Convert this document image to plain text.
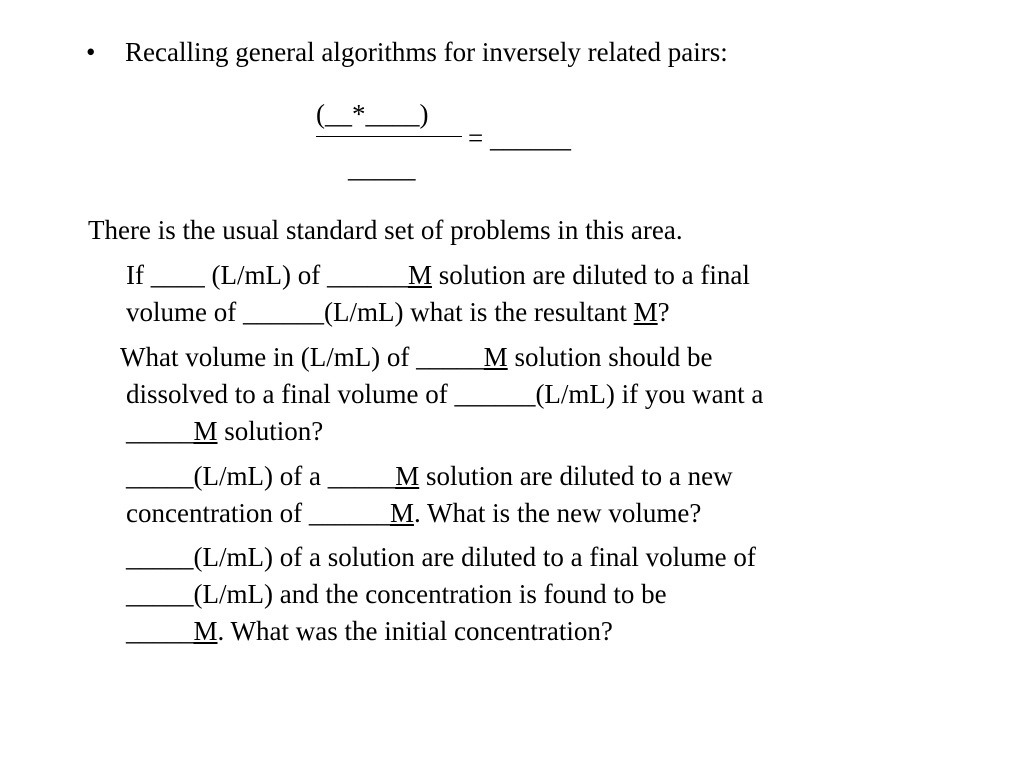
• Recalling general algorithms for inversely related pairs:

(__*____)
= ______
_____

There is the usual standard set of problems in this area.

If ____ (L/mL) of ______M solution are diluted to a final

volume of ______(L/mL) what is the resultant M?

What volume in (L/mL) of _____M solution should be

dissolved to a final volume of ______(L/mL) if you want a

_____M solution?

_____(L/mL) of a _____M solution are diluted to a new

concentration of ______M. What is the new volume?

_____(L/mL) of a solution are diluted to a final volume of

_____(L/mL) and the concentration is found to be

_____M. What was the initial concentration?
